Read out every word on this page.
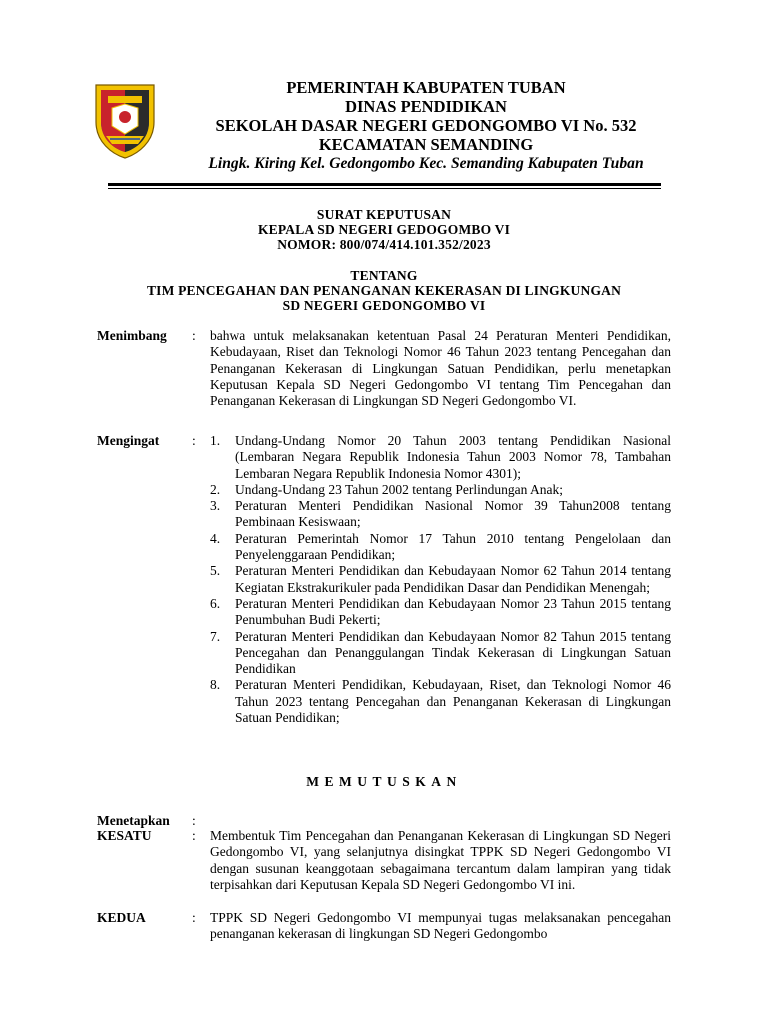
PEMERINTAH KABUPATEN TUBAN
DINAS PENDIDIKAN
SEKOLAH DASAR NEGERI GEDONGOMBO VI No. 532
KECAMATAN SEMANDING
Lingk. Kiring Kel. Gedongombo Kec. Semanding Kabupaten Tuban
SURAT KEPUTUSAN
KEPALA SD NEGERI GEDOGOMBO VI
NOMOR: 800/074/414.101.352/2023
TENTANG
TIM PENCEGAHAN DAN PENANGANAN KEKERASAN DI LINGKUNGAN
SD NEGERI GEDONGOMBO VI
Menimbang : bahwa untuk melaksanakan ketentuan Pasal 24 Peraturan Menteri Pendidikan, Kebudayaan, Riset dan Teknologi Nomor 46 Tahun 2023 tentang Pencegahan dan Penanganan Kekerasan di Lingkungan Satuan Pendidikan, perlu menetapkan Keputusan Kepala SD Negeri Gedongombo VI tentang Tim Pencegahan dan Penanganan Kekerasan di Lingkungan SD Negeri Gedongombo VI.

Mengingat : 1. Undang-Undang Nomor 20 Tahun 2003 tentang Pendidikan Nasional (Lembaran Negara Republik Indonesia Tahun 2003 Nomor 78, Tambahan Lembaran Negara Republik Indonesia Nomor 4301);
2. Undang-Undang 23 Tahun 2002 tentang Perlindungan Anak;
3. Peraturan Menteri Pendidikan Nasional Nomor 39 Tahun2008 tentang Pembinaan Kesiswaan;
4. Peraturan Pemerintah Nomor 17 Tahun 2010 tentang Pengelolaan dan Penyelenggaraan Pendidikan;
5. Peraturan Menteri Pendidikan dan Kebudayaan Nomor 62 Tahun 2014 tentang Kegiatan Ekstrakurikuler pada Pendidikan Dasar dan Pendidikan Menengah;
6. Peraturan Menteri Pendidikan dan Kebudayaan Nomor 23 Tahun 2015 tentang Penumbuhan Budi Pekerti;
7. Peraturan Menteri Pendidikan dan Kebudayaan Nomor 82 Tahun 2015 tentang Pencegahan dan Penanggulangan Tindak Kekerasan di Lingkungan Satuan Pendidikan
8. Peraturan Menteri Pendidikan, Kebudayaan, Riset, dan Teknologi Nomor 46 Tahun 2023 tentang Pencegahan dan Penanganan Kekerasan di Lingkungan Satuan Pendidikan;
MEMUTUSKAN
Menetapkan :
KESATU	: Membentuk Tim Pencegahan dan Penanganan Kekerasan di Lingkungan SD Negeri Gedongombo VI, yang selanjutnya disingkat TPPK SD Negeri Gedongombo VI dengan susunan keanggotaan sebagaimana tercantum dalam lampiran yang tidak terpisahkan dari Keputusan Kepala SD Negeri Gedongombo VI ini.

KEDUA	: TPPK SD Negeri Gedongombo VI mempunyai tugas melaksanakan pencegahan penanganan kekerasan di lingkungan SD Negeri Gedongombo
